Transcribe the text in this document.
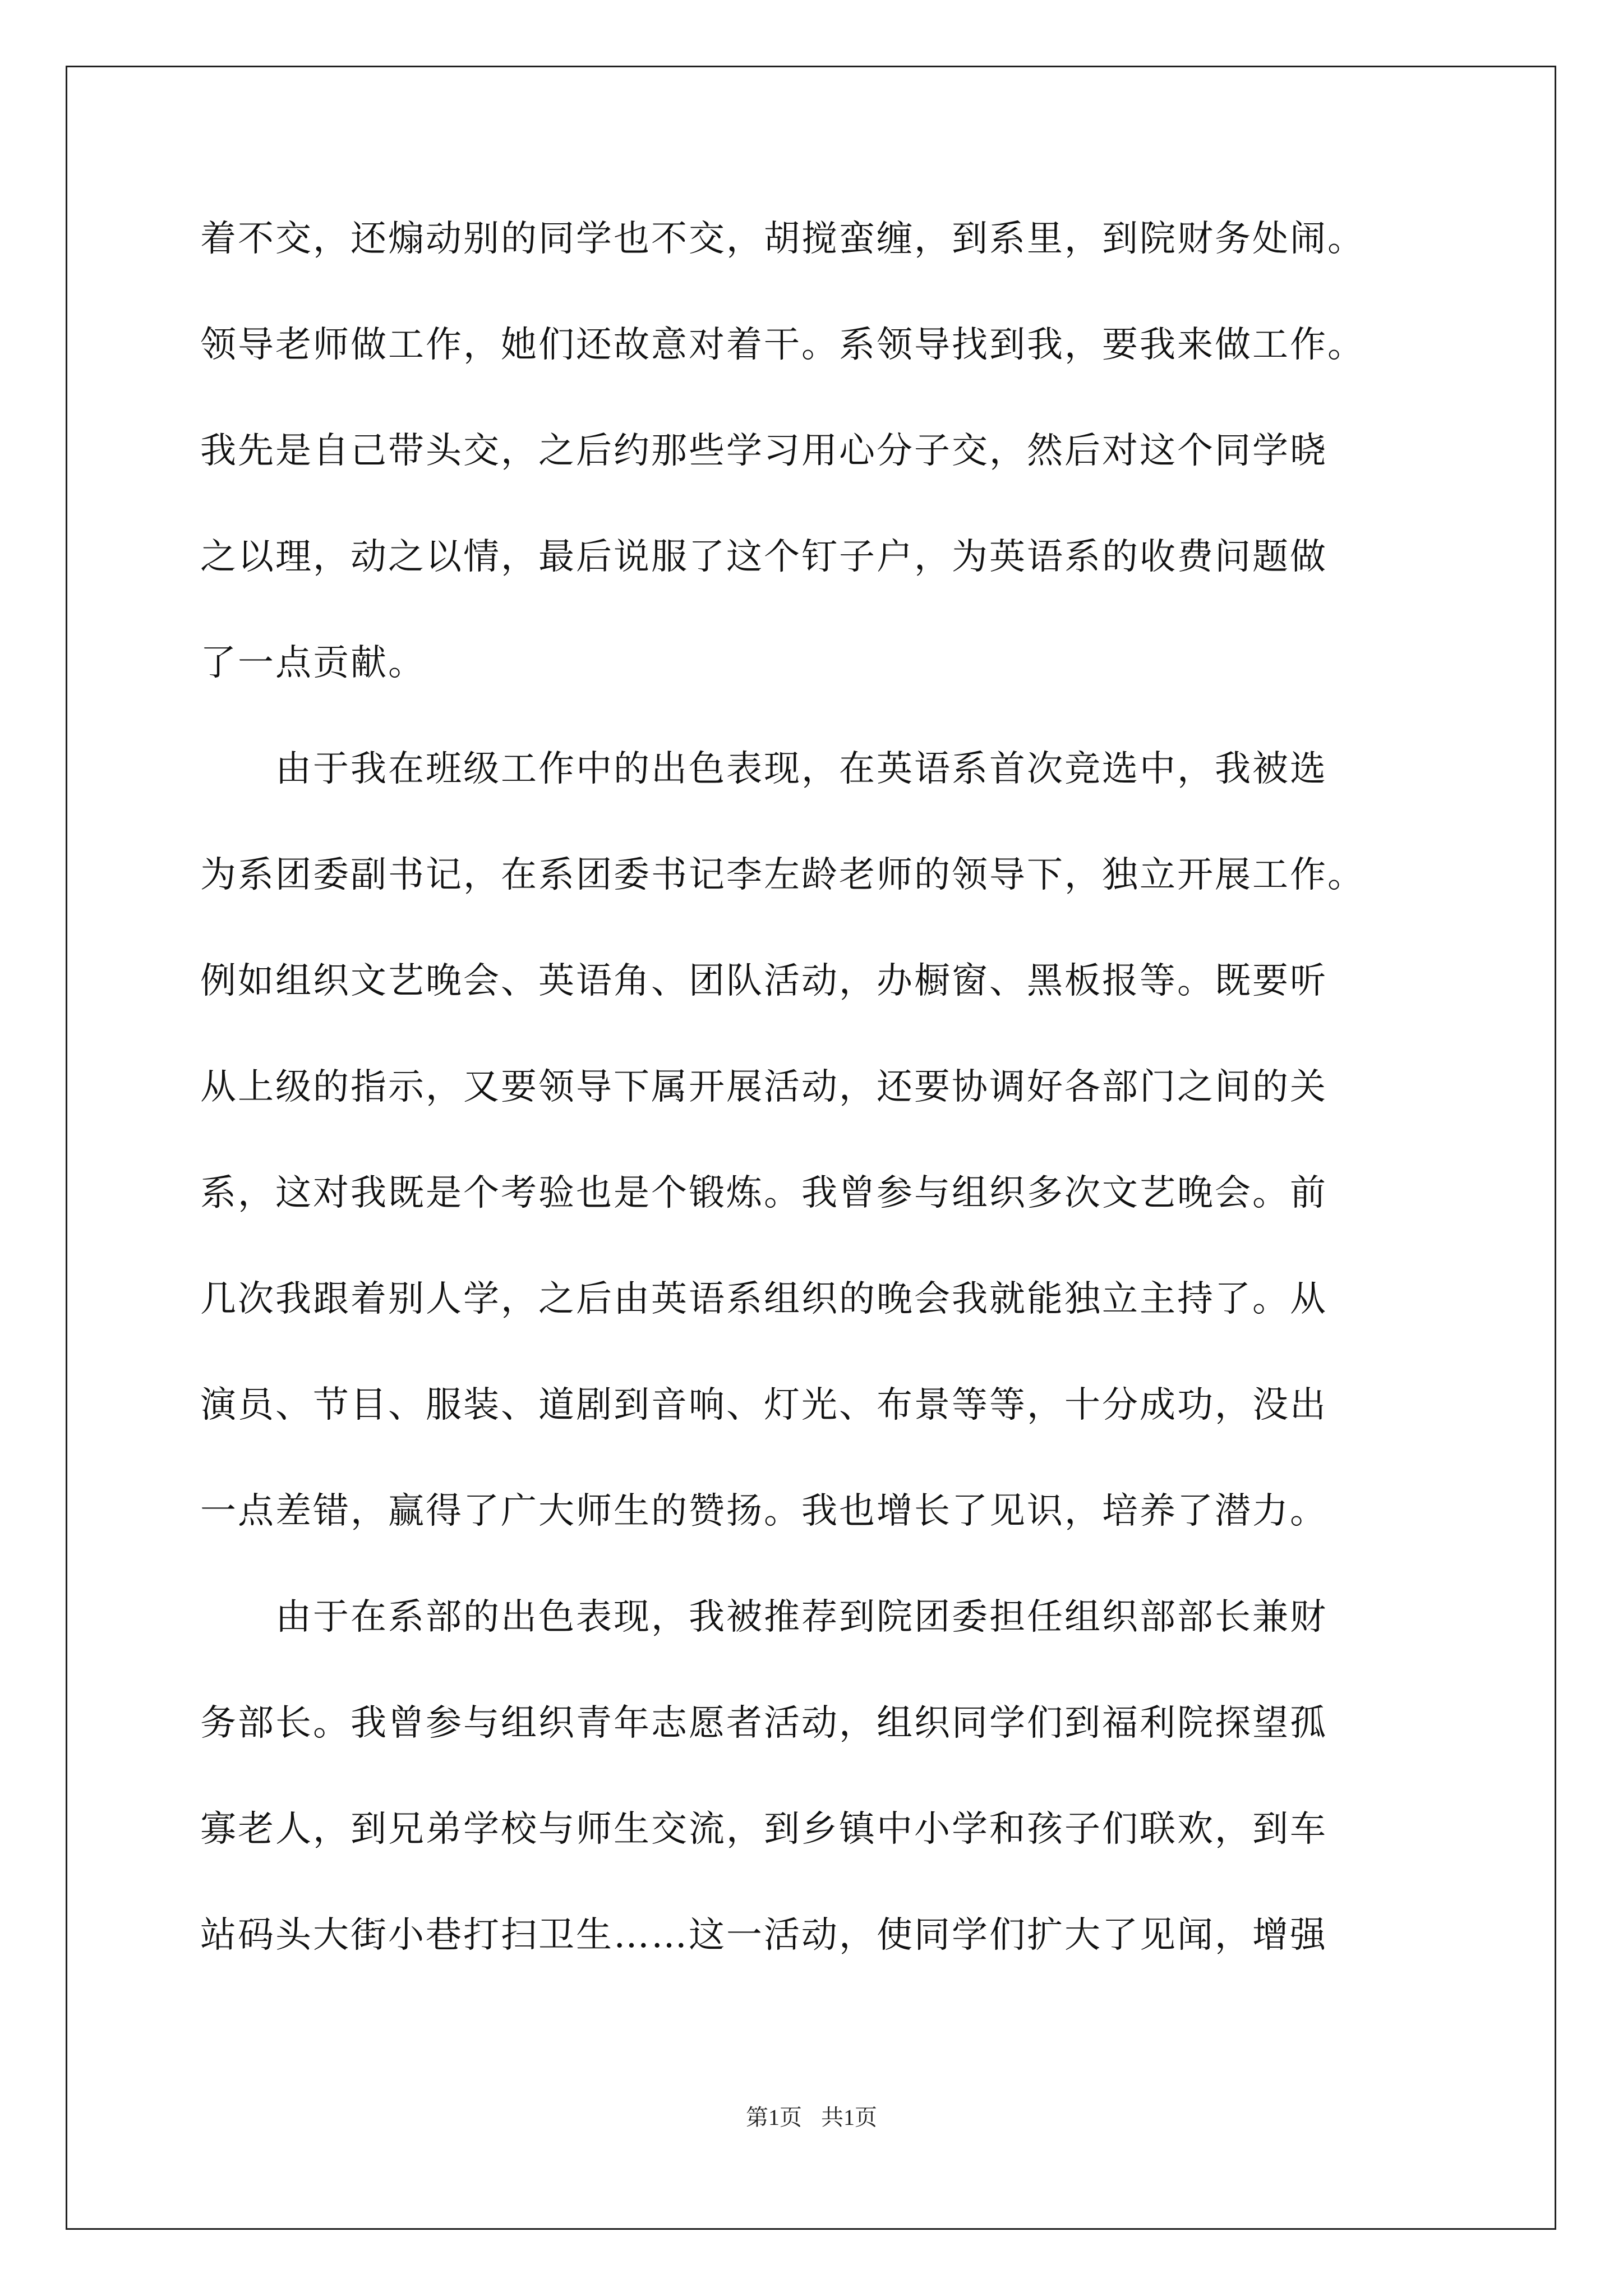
着不交，还煽动别的同学也不交，胡搅蛮缠，到系里，到院财务处闹。
领导老师做工作，她们还故意对着干。系领导找到我，要我来做工作。
我先是自己带头交，之后约那些学习用心分子交，然后对这个同学晓
之以理，动之以情，最后说服了这个钉子户，为英语系的收费问题做
了一点贡献。
　　由于我在班级工作中的出色表现，在英语系首次竞选中，我被选
为系团委副书记，在系团委书记李左龄老师的领导下，独立开展工作。
例如组织文艺晚会、英语角、团队活动，办橱窗、黑板报等。既要听
从上级的指示，又要领导下属开展活动，还要协调好各部门之间的关
系，这对我既是个考验也是个锻炼。我曾参与组织多次文艺晚会。前
几次我跟着别人学，之后由英语系组织的晚会我就能独立主持了。从
演员、节目、服装、道剧到音响、灯光、布景等等，十分成功，没出
一点差错，赢得了广大师生的赞扬。我也增长了见识，培养了潜力。
　　由于在系部的出色表现，我被推荐到院团委担任组织部部长兼财
务部长。我曾参与组织青年志愿者活动，组织同学们到福利院探望孤
寡老人，到兄弟学校与师生交流，到乡镇中小学和孩子们联欢，到车
站码头大街小巷打扫卫生……这一活动，使同学们扩大了见闻，增强
第1页 共1页
